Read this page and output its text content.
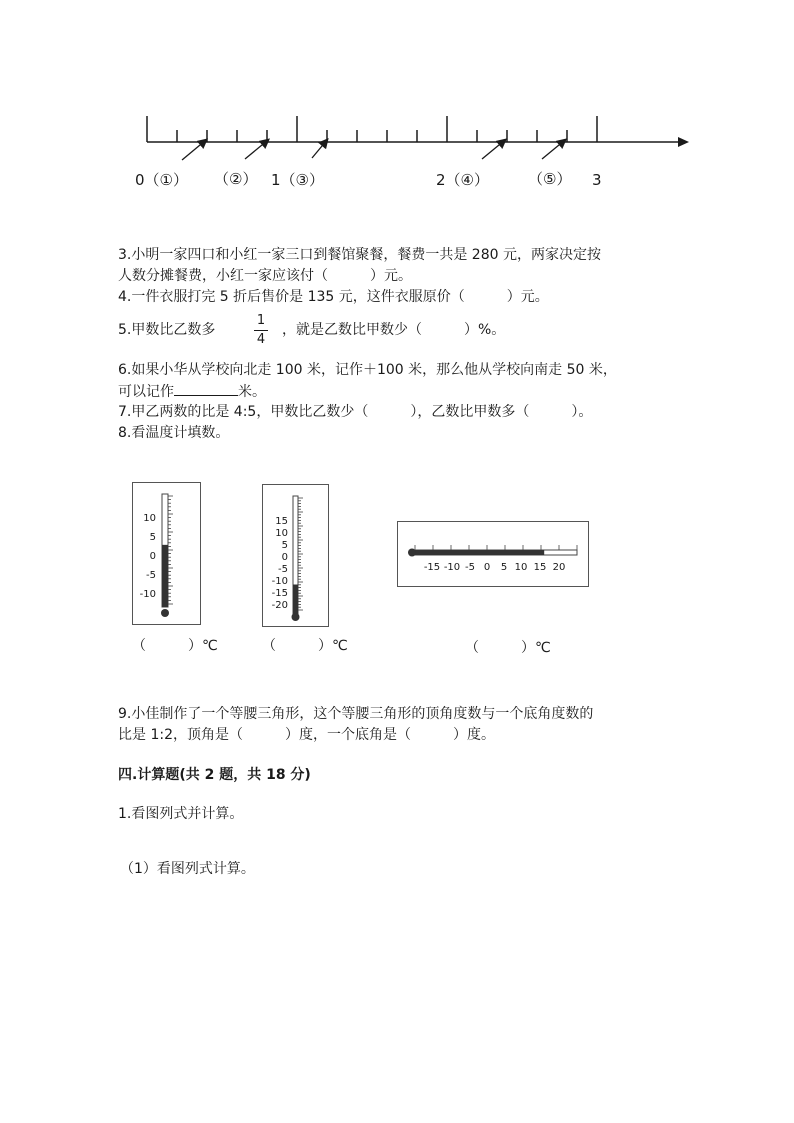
0（①） （②） 1（③）	2（④）	（⑤） 3
3.小明一家四口和小红一家三口到餐馆聚餐，餐费一共是 280 元，两家决定按
人数分摊餐费，小红一家应该付（　　　）元。
4.一件衣服打完 5 折后售价是 135 元，这件衣服原价（　　　）元。
5.甲数比乙数多
1
4
，就是乙数比甲数少（　　　）%。
6.如果小华从学校向北走 100 米，记作＋100 米，那么他从学校向南走 50 米，
可以记作	米。
7.甲乙两数的比是 4:5，甲数比乙数少（　　　），乙数比甲数多（　　　）。
8.看温度计填数。
10
5
0
-5
-10
（　　　）℃
15
10
5
0
-5
-10
-15
-20
（　　　）℃
-15 -10 -5 0 5 10 15 20
（　　　）℃
9.小佳制作了一个等腰三角形，这个等腰三角形的顶角度数与一个底角度数的
比是 1:2，顶角是（　　　）度，一个底角是（　　　）度。
四.计算题(共 2 题，共 18 分)
1.看图列式并计算。
（1）看图列式计算。
